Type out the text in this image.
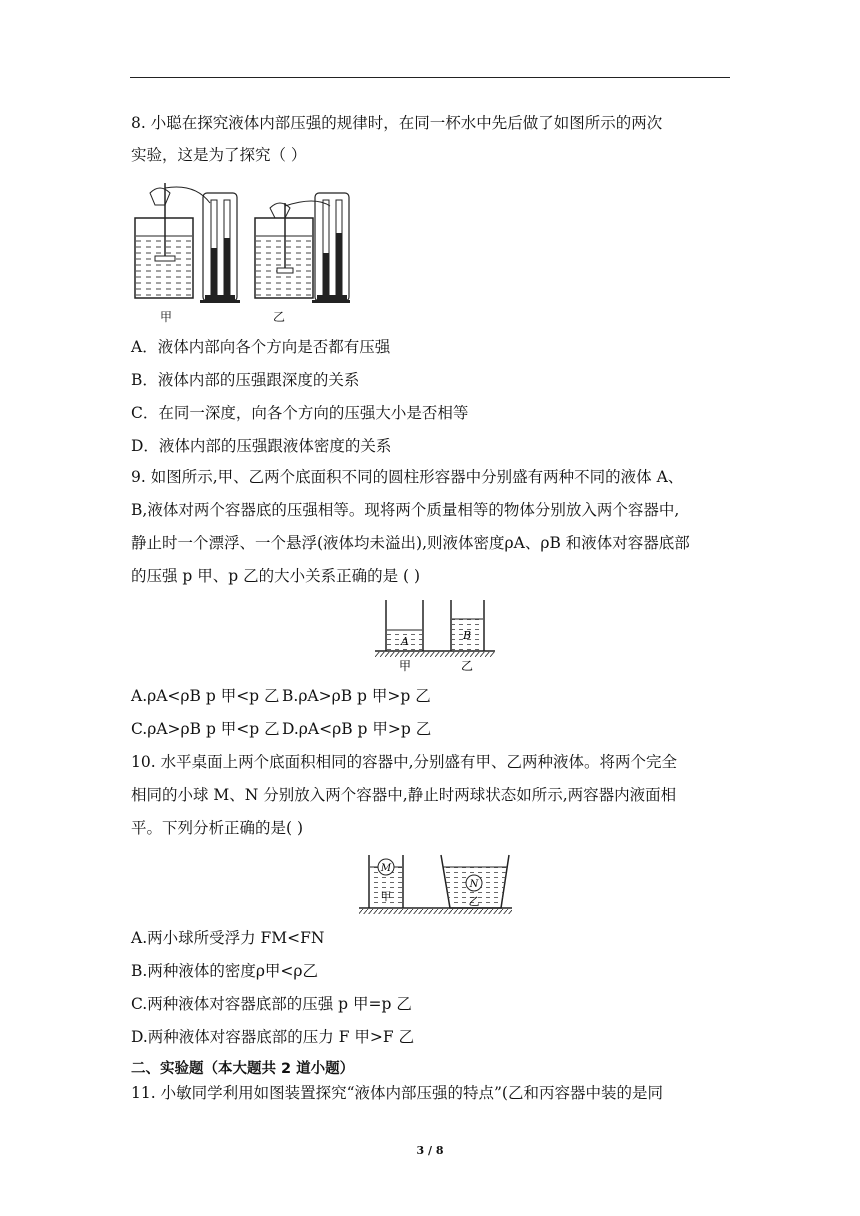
8. 小聪在探究液体内部压强的规律时，在同一杯水中先后做了如图所示的两次
实验，这是为了探究（ ）
甲	乙
A．液体内部向各个方向是否都有压强
B．液体内部的压强跟深度的关系
C．在同一深度，向各个方向的压强大小是否相等
D．液体内部的压强跟液体密度的关系
9. 如图所示,甲、乙两个底面积不同的圆柱形容器中分别盛有两种不同的液体 A、
B,液体对两个容器底的压强相等。现将两个质量相等的物体分别放入两个容器中,
静止时一个漂浮、一个悬浮(液体均未溢出),则液体密度ρA、ρB 和液体对容器底部
的压强 p 甲、p 乙的大小关系正确的是 ( )
A	B
甲	乙
A.ρA<ρB p 甲<p 乙 B.ρA>ρB p 甲>p 乙
C.ρA>ρB p 甲<p 乙 D.ρA<ρB p 甲>p 乙
10. 水平桌面上两个底面积相同的容器中,分别盛有甲、乙两种液体。将两个完全
相同的小球 M、N 分别放入两个容器中,静止时两球状态如所示,两容器内液面相
平。下列分析正确的是( )
M
N
甲	乙
A.两小球所受浮力 FM<FN
B.两种液体的密度ρ甲<ρ乙
C.两种液体对容器底部的压强 p 甲=p 乙
D.两种液体对容器底部的压力 F 甲>F 乙
二、实验题（本大题共 2 道小题）
11. 小敏同学利用如图装置探究“液体内部压强的特点”(乙和丙容器中装的是同
3 / 8
